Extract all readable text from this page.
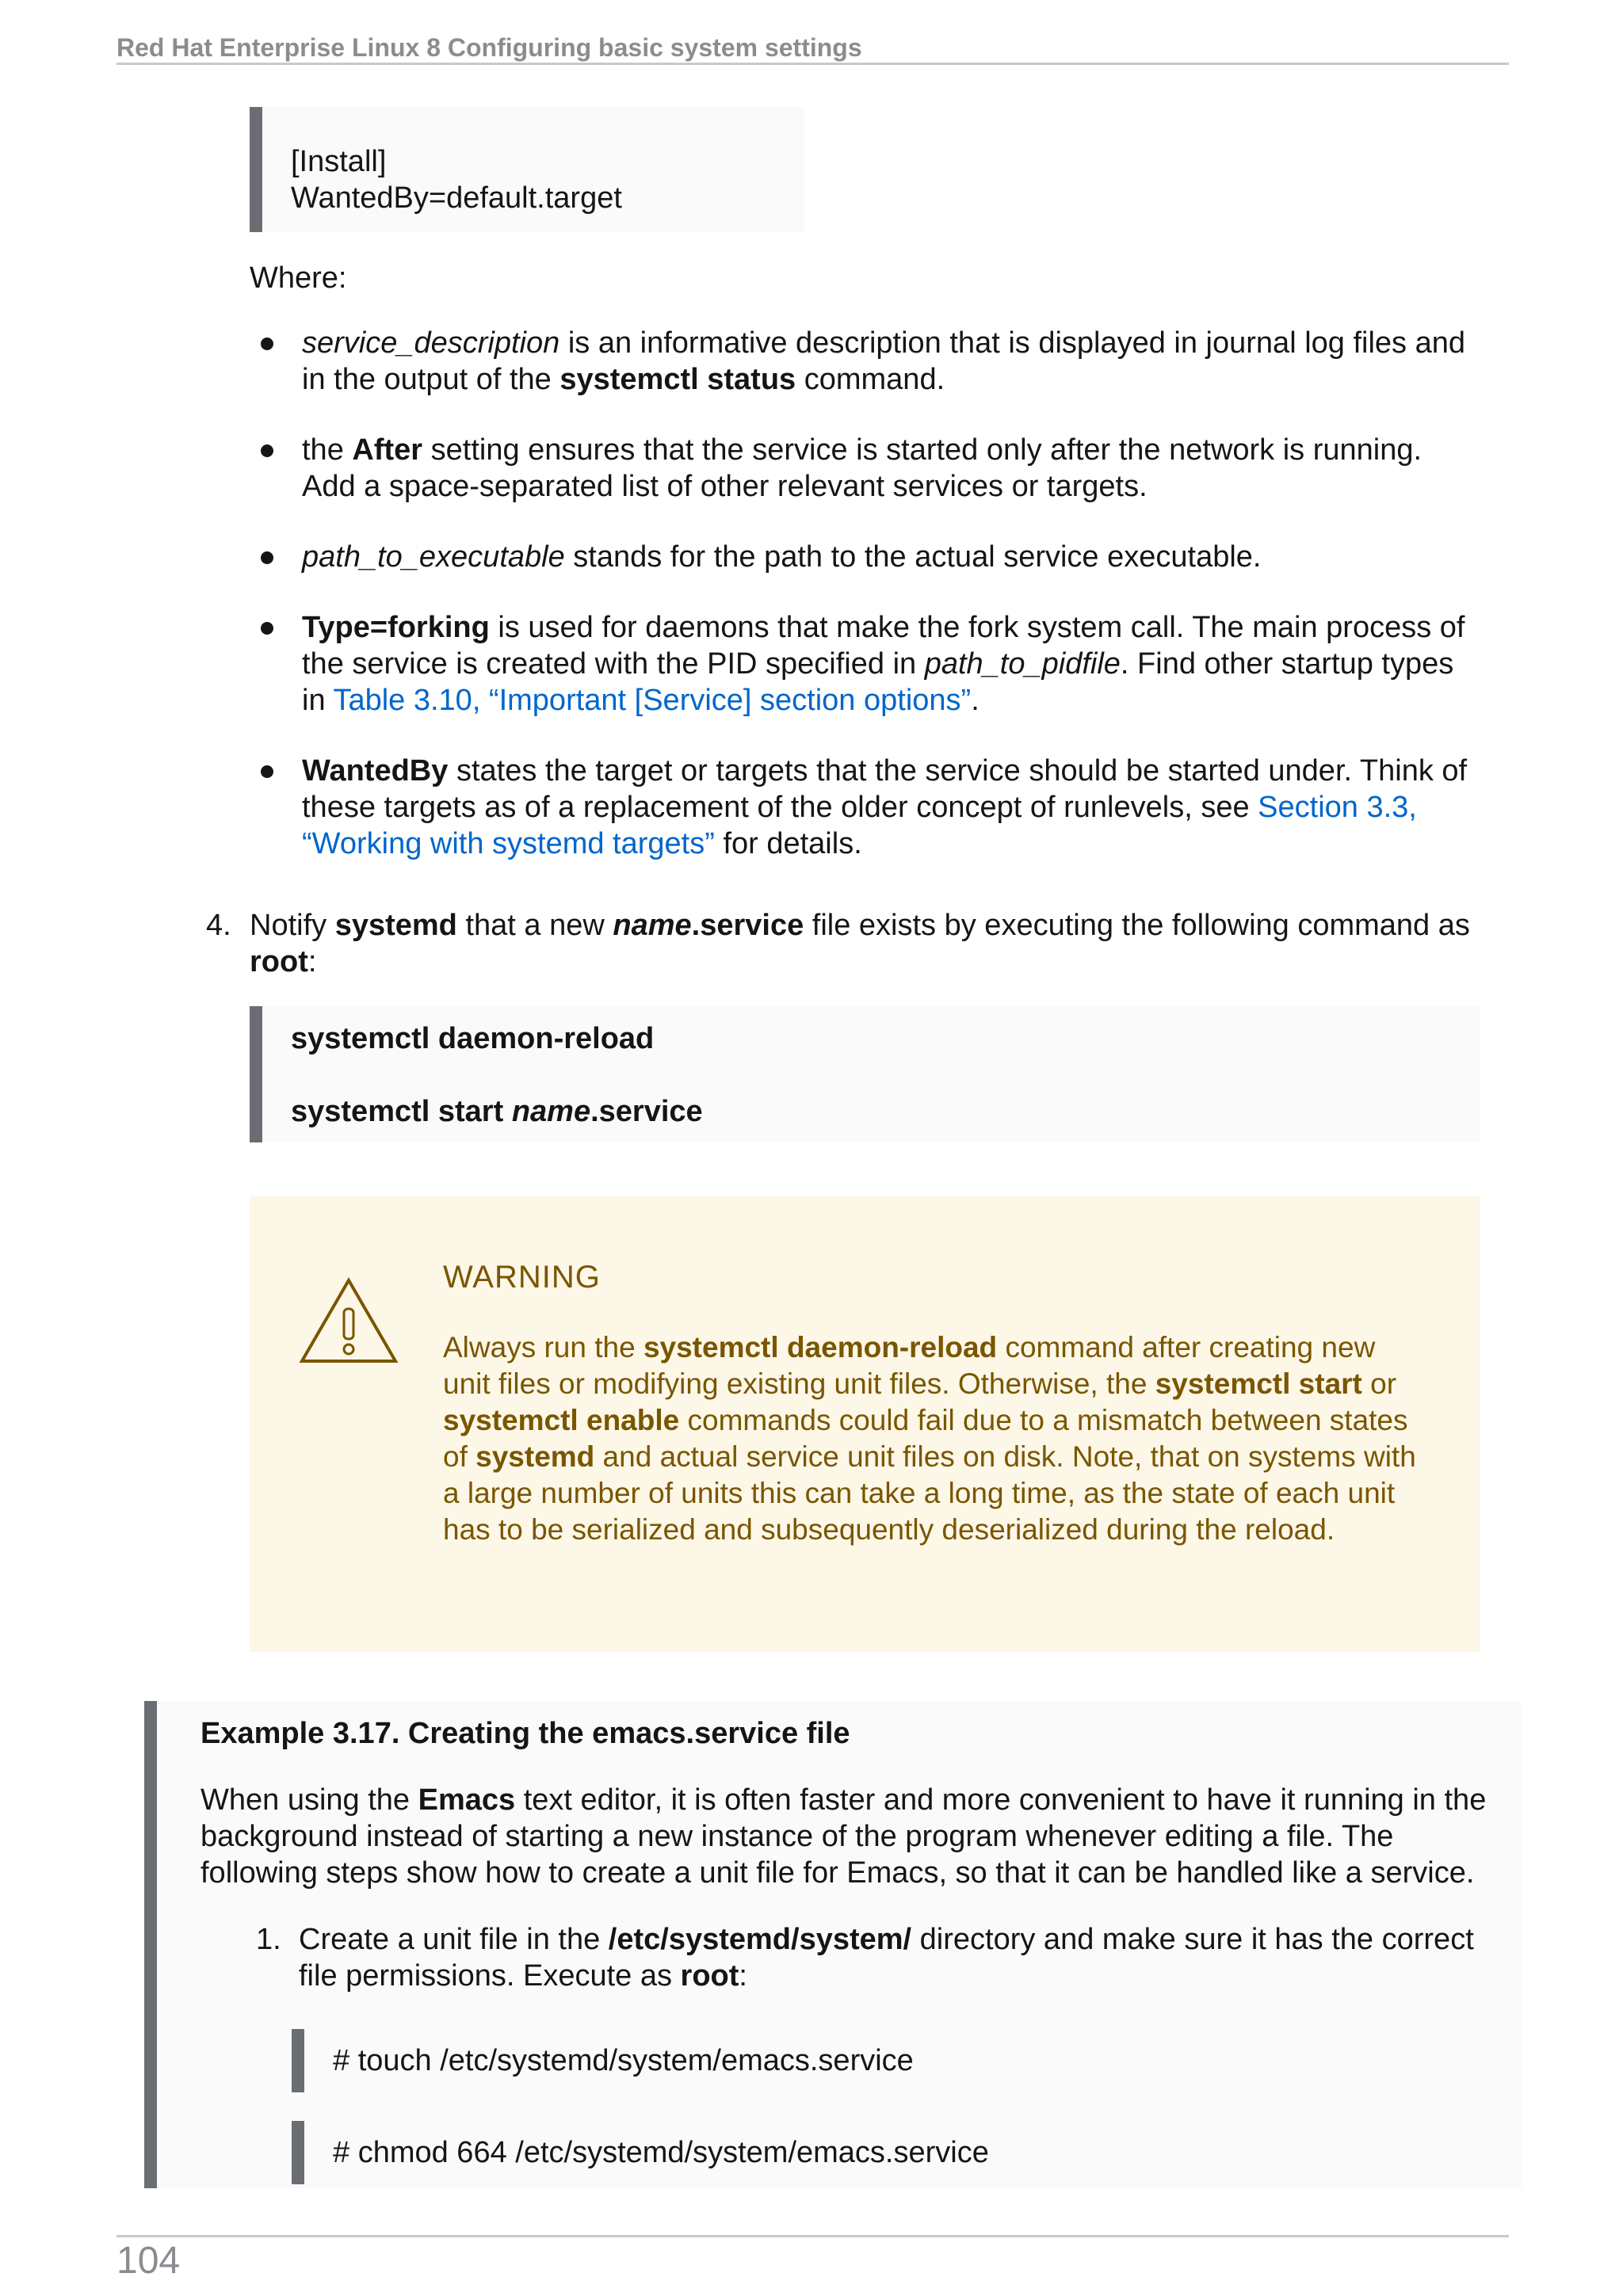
Red Hat Enterprise Linux 8 Configuring basic system settings
[Install]
WantedBy=default.target
Where:
service_description is an informative description that is displayed in journal log files and in the output of the systemctl status command.
the After setting ensures that the service is started only after the network is running. Add a space-separated list of other relevant services or targets.
path_to_executable stands for the path to the actual service executable.
Type=forking is used for daemons that make the fork system call. The main process of the service is created with the PID specified in path_to_pidfile. Find other startup types in Table 3.10, “Important [Service] section options”.
WantedBy states the target or targets that the service should be started under. Think of these targets as of a replacement of the older concept of runlevels, see Section 3.3, “Working with systemd targets” for details.
4. Notify systemd that a new name.service file exists by executing the following command as root:
systemctl daemon-reload
systemctl start name.service
WARNING
Always run the systemctl daemon-reload command after creating new unit files or modifying existing unit files. Otherwise, the systemctl start or systemctl enable commands could fail due to a mismatch between states of systemd and actual service unit files on disk. Note, that on systems with a large number of units this can take a long time, as the state of each unit has to be serialized and subsequently deserialized during the reload.
Example 3.17. Creating the emacs.service file
When using the Emacs text editor, it is often faster and more convenient to have it running in the background instead of starting a new instance of the program whenever editing a file. The following steps show how to create a unit file for Emacs, so that it can be handled like a service.
1. Create a unit file in the /etc/systemd/system/ directory and make sure it has the correct file permissions. Execute as root:
# touch /etc/systemd/system/emacs.service
# chmod 664 /etc/systemd/system/emacs.service
104
